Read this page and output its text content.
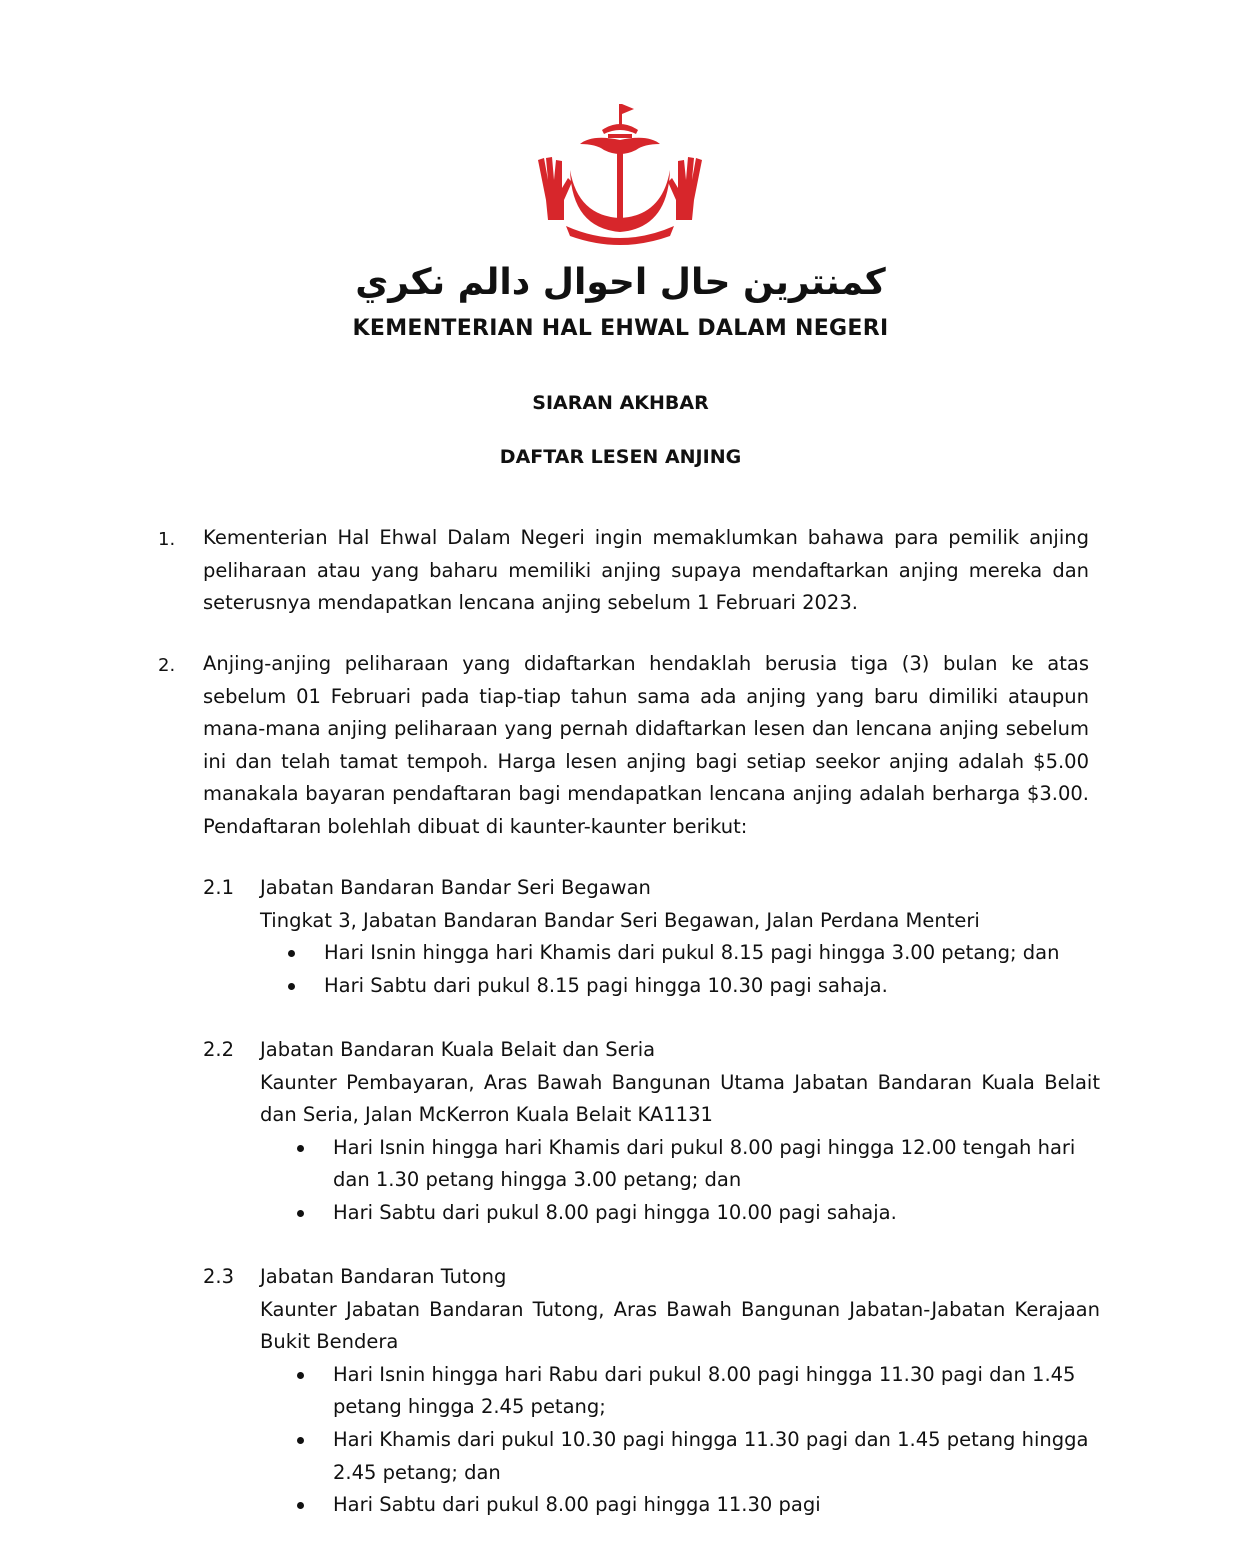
كمنترين حال احوال دالم نكري
KEMENTERIAN HAL EHWAL DALAM NEGERI
SIARAN AKHBAR
DAFTAR LESEN ANJING
1. Kementerian Hal Ehwal Dalam Negeri ingin memaklumkan bahawa para pemilik anjing peliharaan atau yang baharu memiliki anjing supaya mendaftarkan anjing mereka dan seterusnya mendapatkan lencana anjing sebelum 1 Februari 2023.
2. Anjing-anjing peliharaan yang didaftarkan hendaklah berusia tiga (3) bulan ke atas sebelum 01 Februari pada tiap-tiap tahun sama ada anjing yang baru dimiliki ataupun mana-mana anjing peliharaan yang pernah didaftarkan lesen dan lencana anjing sebelum ini dan telah tamat tempoh. Harga lesen anjing bagi setiap seekor anjing adalah $5.00 manakala bayaran pendaftaran bagi mendapatkan lencana anjing adalah berharga $3.00. Pendaftaran bolehlah dibuat di kaunter-kaunter berikut:
2.1 Jabatan Bandaran Bandar Seri Begawan
Tingkat 3, Jabatan Bandaran Bandar Seri Begawan, Jalan Perdana Menteri
Hari Isnin hingga hari Khamis dari pukul 8.15 pagi hingga 3.00 petang; dan
Hari Sabtu dari pukul 8.15 pagi hingga 10.30 pagi sahaja.
2.2 Jabatan Bandaran Kuala Belait dan Seria
Kaunter Pembayaran, Aras Bawah Bangunan Utama Jabatan Bandaran Kuala Belait dan Seria, Jalan McKerron Kuala Belait KA1131
Hari Isnin hingga hari Khamis dari pukul 8.00 pagi hingga 12.00 tengah hari dan 1.30 petang hingga 3.00 petang; dan
Hari Sabtu dari pukul 8.00 pagi hingga 10.00 pagi sahaja.
2.3 Jabatan Bandaran Tutong
Kaunter Jabatan Bandaran Tutong, Aras Bawah Bangunan Jabatan-Jabatan Kerajaan Bukit Bendera
Hari Isnin hingga hari Rabu dari pukul 8.00 pagi hingga 11.30 pagi dan 1.45 petang hingga 2.45 petang;
Hari Khamis dari pukul 10.30 pagi hingga 11.30 pagi dan 1.45 petang hingga 2.45 petang; dan
Hari Sabtu dari pukul 8.00 pagi hingga 11.30 pagi
